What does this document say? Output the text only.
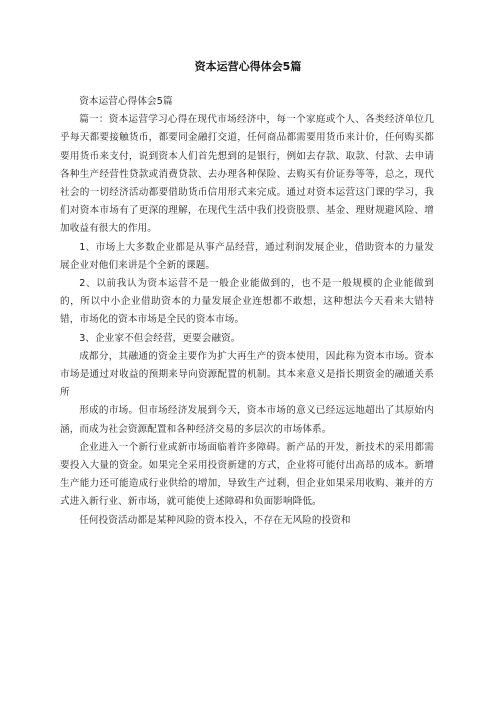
资本运营心得体会5篇

资本运营心得体会5篇

篇一：资本运营学习心得在现代市场经济中，每一个家庭或个人、各类经济单位几乎每天都要接触货币，都要同金融打交道，任何商品都需要用货币来计价，任何购买都要用货币来支付，说到资本人们首先想到的是银行，例如去存款、取款、付款、去申请各种生产经营性贷款或消费贷款、去办理各种保险、去购买有价证券等等，总之，现代社会的一切经济活动都要借助货币信用形式来完成。通过对资本运营这门课的学习，我们对资本市场有了更深的理解，在现代生活中我们投资股票、基金、理财规避风险、增加收益有很大的作用。

1、市场上大多数企业都是从事产品经营，通过利润发展企业，借助资本的力量发展企业对他们来讲是个全新的课题。

2、以前我认为资本运营不是一般企业能做到的，也不是一般规模的企业能做到的，所以中小企业借助资本的力量发展企业连想都不敢想，这种想法今天看来大错特错，市场化的资本市场是全民的资本市场。

3、企业家不但会经营，更要会融资。

成都分，其融通的资金主要作为扩大再生产的资本使用，因此称为资本市场。资本市场是通过对收益的预期来导向资源配置的机制。其本来意义是指长期资金的融通关系所

形成的市场。但市场经济发展到今天，资本市场的意义已经远远地超出了其原始内涵，而成为社会资源配置和各种经济交易的多层次的市场体系。

企业进入一个新行业或新市场面临着许多障碍。新产品的开发，新技术的采用都需要投入大量的资金。如果完全采用投资新建的方式，企业将可能付出高昂的成本。新增生产能力还可能造成行业供给的增加，导致生产过剩，但企业如果采用收购、兼并的方式进入新行业、新市场，就可能使上述障碍和负面影响降低。

任何投资活动都是某种风险的资本投入，不存在无风险的投资和
